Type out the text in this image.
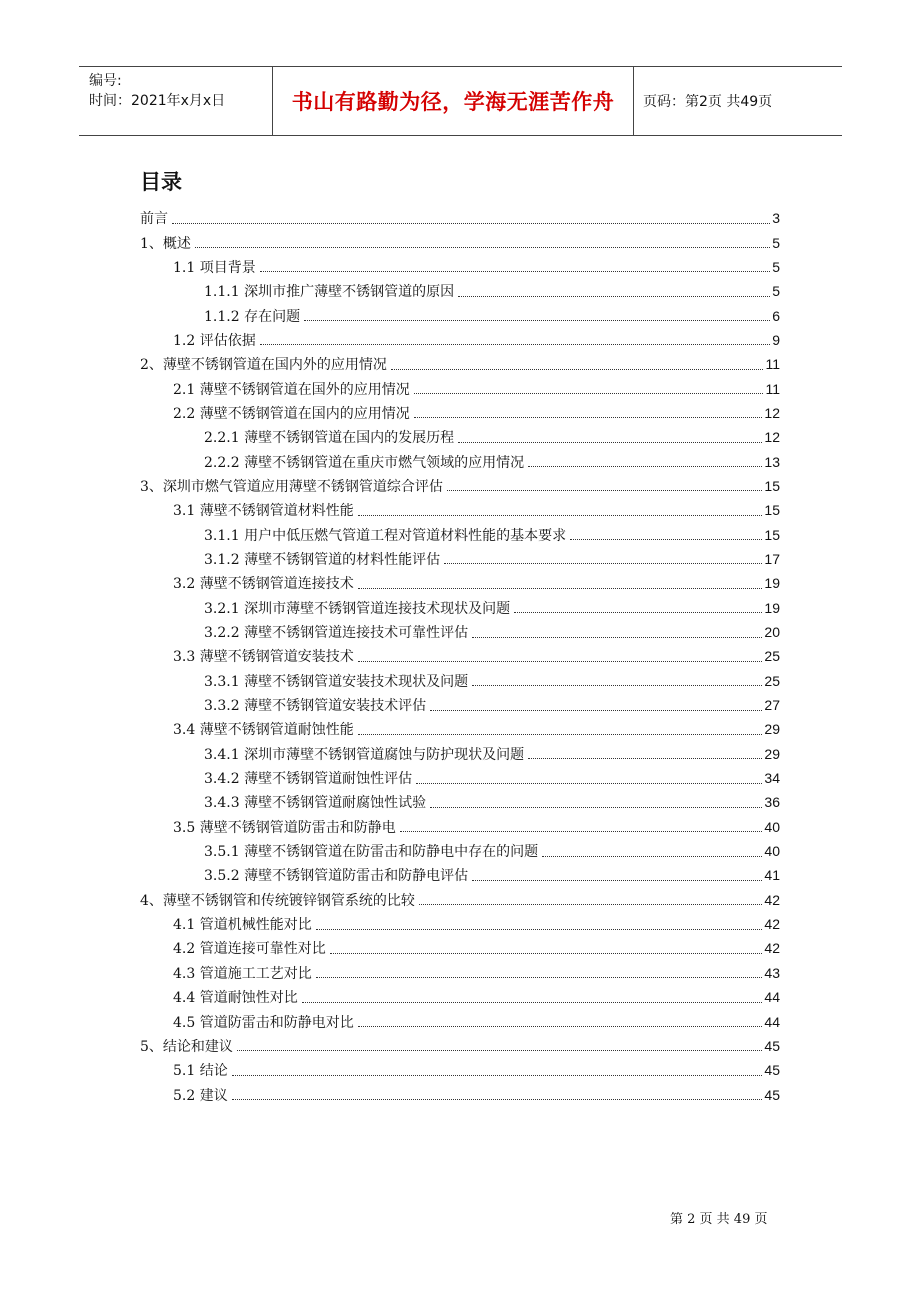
编号:
时间：2021年x月x日	书山有路勤为径，学海无涯苦作舟	页码：第2页 共49页
目录
前言	3
1、概述	5
1.1 项目背景	5
1.1.1 深圳市推广薄壁不锈钢管道的原因	5
1.1.2 存在问题	6
1.2 评估依据	9
2、薄壁不锈钢管道在国内外的应用情况	11
2.1 薄壁不锈钢管道在国外的应用情况	11
2.2 薄壁不锈钢管道在国内的应用情况	12
2.2.1 薄壁不锈钢管道在国内的发展历程	12
2.2.2 薄壁不锈钢管道在重庆市燃气领域的应用情况	13
3、深圳市燃气管道应用薄壁不锈钢管道综合评估	15
3.1 薄壁不锈钢管道材料性能	15
3.1.1 用户中低压燃气管道工程对管道材料性能的基本要求	15
3.1.2 薄壁不锈钢管道的材料性能评估	17
3.2 薄壁不锈钢管道连接技术	19
3.2.1 深圳市薄壁不锈钢管道连接技术现状及问题	19
3.2.2 薄壁不锈钢管道连接技术可靠性评估	20
3.3 薄壁不锈钢管道安装技术	25
3.3.1 薄壁不锈钢管道安装技术现状及问题	25
3.3.2 薄壁不锈钢管道安装技术评估	27
3.4 薄壁不锈钢管道耐蚀性能	29
3.4.1 深圳市薄壁不锈钢管道腐蚀与防护现状及问题	29
3.4.2 薄壁不锈钢管道耐蚀性评估	34
3.4.3 薄壁不锈钢管道耐腐蚀性试验	36
3.5 薄壁不锈钢管道防雷击和防静电	40
3.5.1 薄壁不锈钢管道在防雷击和防静电中存在的问题	40
3.5.2 薄壁不锈钢管道防雷击和防静电评估	41
4、薄壁不锈钢管和传统镀锌钢管系统的比较	42
4.1 管道机械性能对比	42
4.2 管道连接可靠性对比	42
4.3 管道施工工艺对比	43
4.4 管道耐蚀性对比	44
4.5 管道防雷击和防静电对比	44
5、结论和建议	45
5.1 结论	45
5.2 建议	45
第 2 页 共 49 页
